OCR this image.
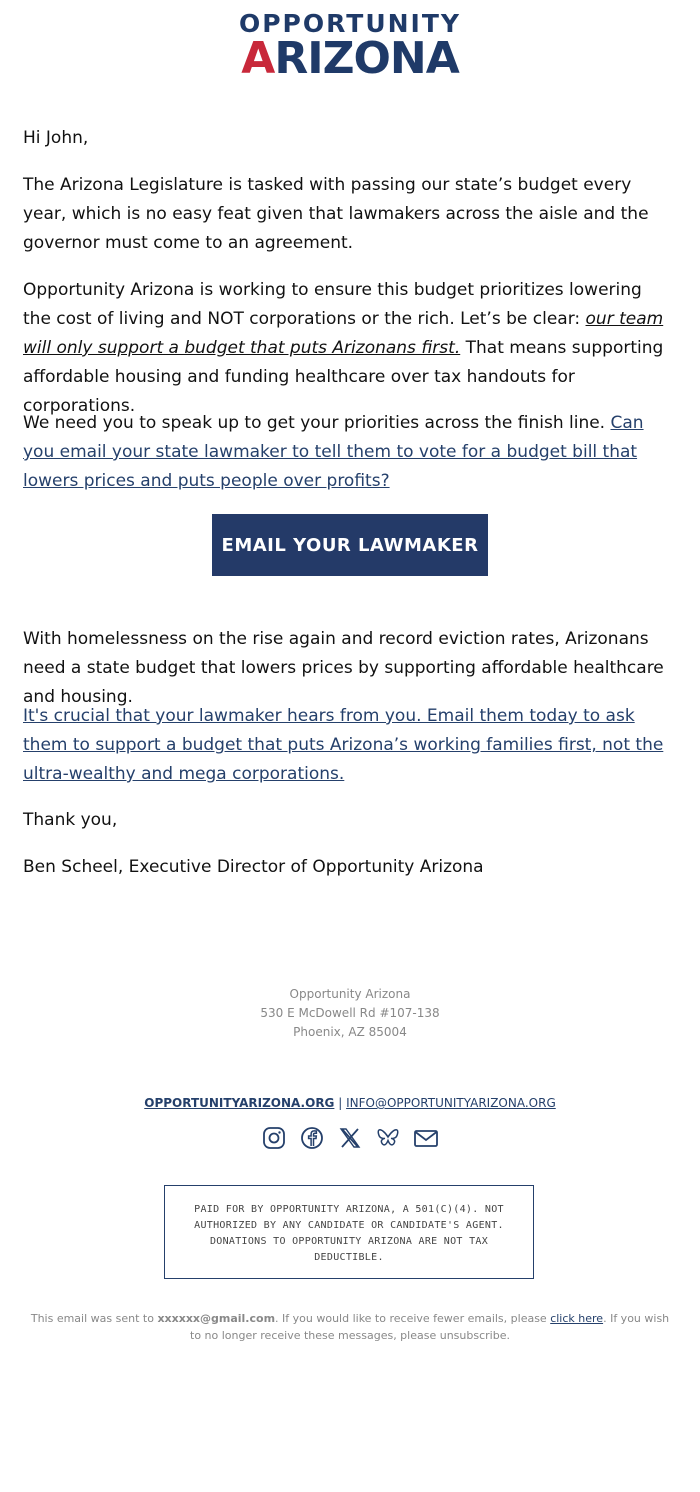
OPPORTUNITY
ARIZONA

Hi John,

The Arizona Legislature is tasked with passing our state’s budget every year, which is no easy feat given that lawmakers across the aisle and the governor must come to an agreement.

Opportunity Arizona is working to ensure this budget prioritizes lowering the cost of living and NOT corporations or the rich. Let’s be clear: our team will only support a budget that puts Arizonans first. That means supporting affordable housing and funding healthcare over tax handouts for corporations.

We need you to speak up to get your priorities across the finish line. Can you email your state lawmaker to tell them to vote for a budget bill that lowers prices and puts people over profits?

EMAIL YOUR LAWMAKER

With homelessness on the rise again and record eviction rates, Arizonans need a state budget that lowers prices by supporting affordable healthcare and housing.

It's crucial that your lawmaker hears from you. Email them today to ask them to support a budget that puts Arizona’s working families first, not the ultra-wealthy and mega corporations.

Thank you,

Ben Scheel, Executive Director of Opportunity Arizona

Opportunity Arizona
530 E McDowell Rd #107-138
Phoenix, AZ 85004
OPPORTUNITYARIZONA.ORG | INFO@OPPORTUNITYARIZONA.ORG
PAID FOR BY OPPORTUNITY ARIZONA, A 501(C)(4). NOT AUTHORIZED BY ANY CANDIDATE OR CANDIDATE'S AGENT. DONATIONS TO OPPORTUNITY ARIZONA ARE NOT TAX DEDUCTIBLE.
This email was sent to xxxxxx@gmail.com. If you would like to receive fewer emails, please click here. If you wish to no longer receive these messages, please unsubscribe.
